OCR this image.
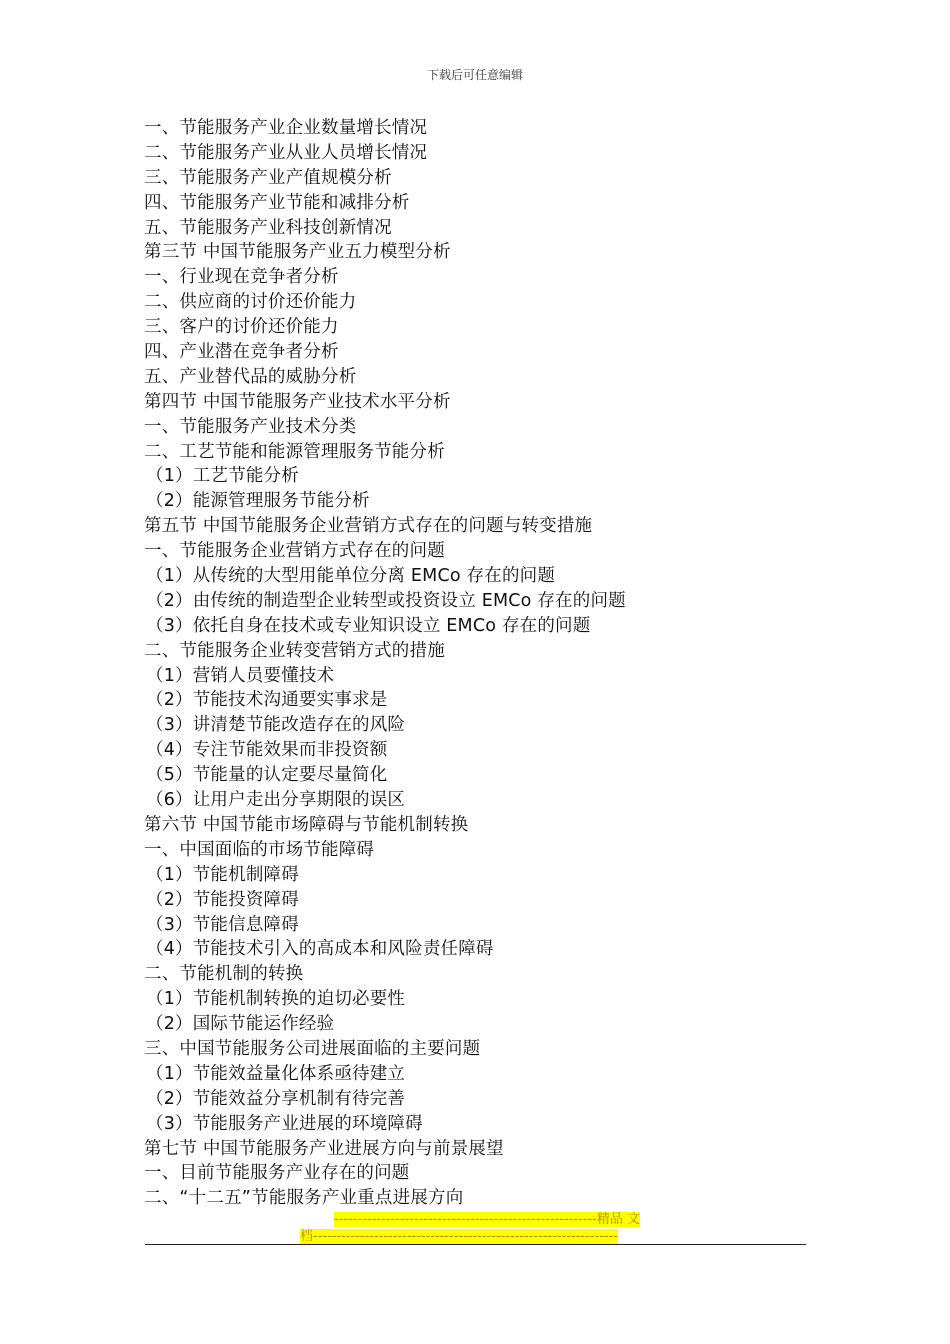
下载后可任意编辑
一、节能服务产业企业数量增长情况
二、节能服务产业从业人员增长情况
三、节能服务产业产值规模分析
四、节能服务产业节能和减排分析
五、节能服务产业科技创新情况
第三节 中国节能服务产业五力模型分析
一、行业现在竞争者分析
二、供应商的讨价还价能力
三、客户的讨价还价能力
四、产业潜在竞争者分析
五、产业替代品的威胁分析
第四节 中国节能服务产业技术水平分析
一、节能服务产业技术分类
二、工艺节能和能源管理服务节能分析
（1）工艺节能分析
（2）能源管理服务节能分析
第五节 中国节能服务企业营销方式存在的问题与转变措施
一、节能服务企业营销方式存在的问题
（1）从传统的大型用能单位分离 EMCo 存在的问题
（2）由传统的制造型企业转型或投资设立 EMCo 存在的问题
（3）依托自身在技术或专业知识设立 EMCo 存在的问题
二、节能服务企业转变营销方式的措施
（1）营销人员要懂技术
（2）节能技术沟通要实事求是
（3）讲清楚节能改造存在的风险
（4）专注节能效果而非投资额
（5）节能量的认定要尽量简化
（6）让用户走出分享期限的误区
第六节 中国节能市场障碍与节能机制转换
一、中国面临的市场节能障碍
（1）节能机制障碍
（2）节能投资障碍
（3）节能信息障碍
（4）节能技术引入的高成本和风险责任障碍
二、节能机制的转换
（1）节能机制转换的迫切必要性
（2）国际节能运作经验
三、中国节能服务公司进展面临的主要问题
（1）节能效益量化体系亟待建立
（2）节能效益分享机制有待完善
（3）节能服务产业进展的环境障碍
第七节 中国节能服务产业进展方向与前景展望
一、目前节能服务产业存在的问题
二、“十二五”节能服务产业重点进展方向
--------------------------------------------------------精品 文
档-----------------------------------------------------------------
